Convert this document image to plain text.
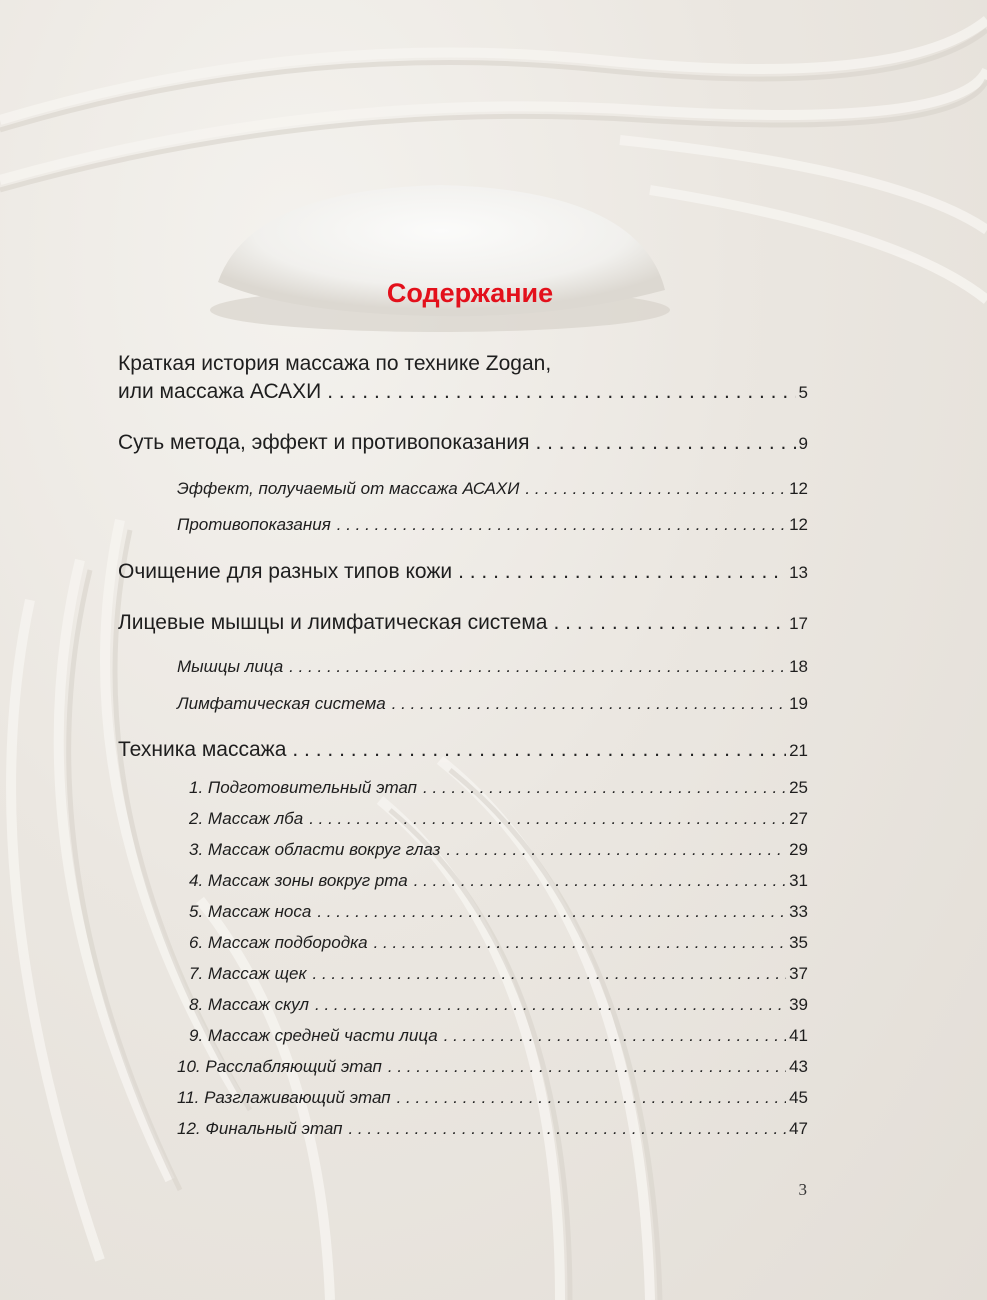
Содержание
Краткая история массажа по технике Zogan,
или массажа АСАХИ . . .	5
Суть метода, эффект и противопоказания . . .	9
Эффект, получаемый от массажа АСАХИ . . .	12
Противопоказания . . .	12
Очищение для разных типов кожи . . .	13
Лицевые мышцы и лимфатическая система . . .	17
Мышцы лица . . .	18
Лимфатическая система . . .	19
Техника массажа . . .	21
1. Подготовительный этап . . .	25
2. Массаж лба . . .	27
3. Массаж области вокруг глаз . . .	29
4. Массаж зоны вокруг рта . . .	31
5. Массаж носа . . .	33
6. Массаж подбородка . . .	35
7. Массаж щек . . .	37
8. Массаж скул . . .	39
9. Массаж средней части лица . . .	41
10. Расслабляющий этап . . .	43
11. Разглаживающий этап . . .	45
12. Финальный этап . . .	47
3
